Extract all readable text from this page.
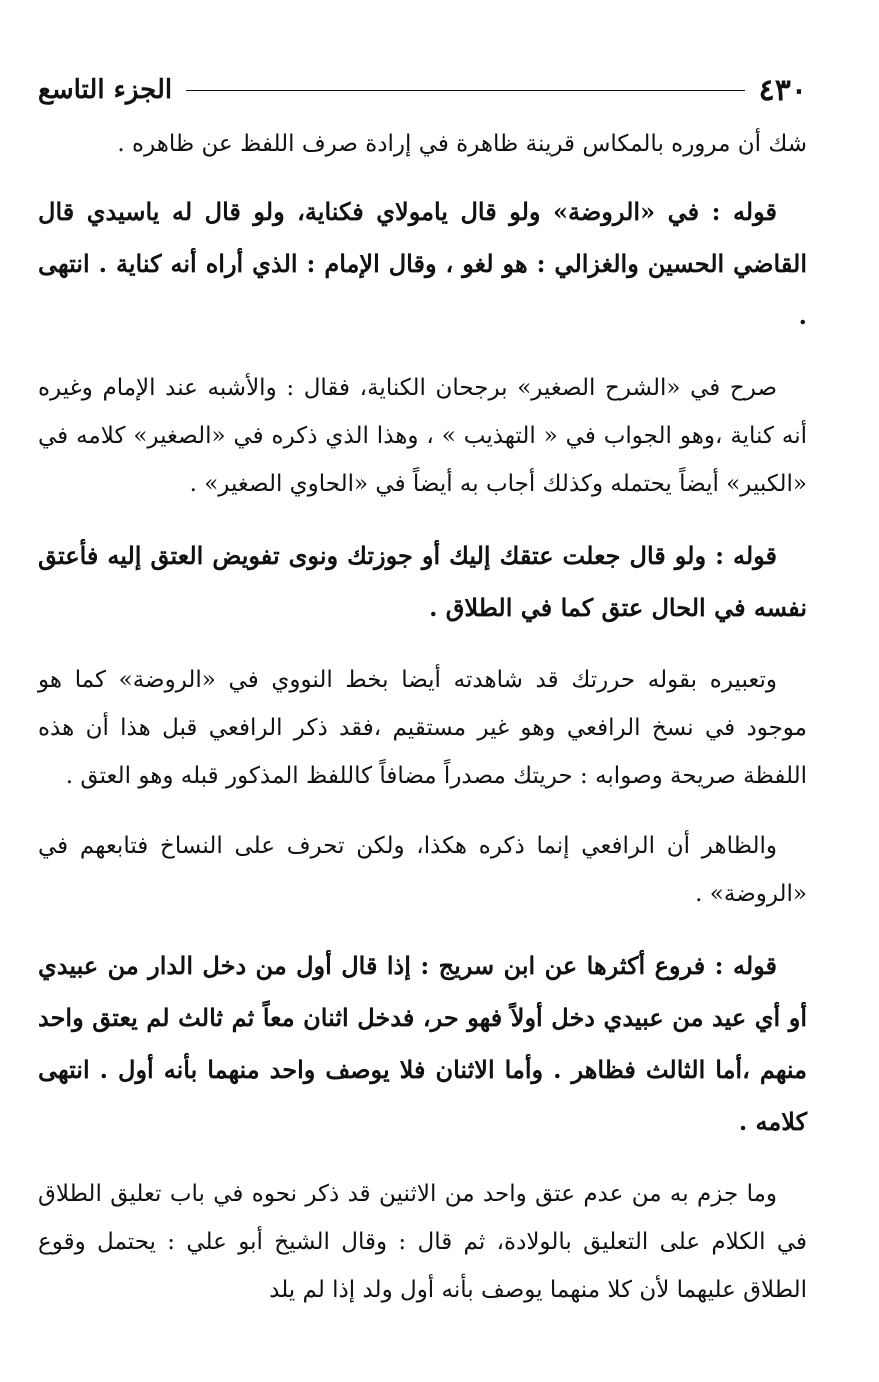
٤٣٠
الجزء التاسع

شك أن مروره بالمكاس قرينة ظاهرة في إرادة صرف اللفظ عن ظاهره .

قوله : في «الروضة» ولو قال يامولاي فكناية، ولو قال له ياسيدي قال القاضي الحسين والغزالي : هو لغو ، وقال الإمام : الذي أراه أنه كناية . انتهى .

صرح في «الشرح الصغير» برجحان الكناية، فقال : والأشبه عند الإمام وغيره أنه كناية ،وهو الجواب في « التهذيب » ، وهذا الذي ذكره في «الصغير» كلامه في «الكبير» أيضاً يحتمله وكذلك أجاب به أيضاً في «الحاوي الصغير» .

قوله : ولو قال جعلت عتقك إليك أو جوزتك ونوى تفويض العتق إليه فأعتق نفسه في الحال عتق كما في الطلاق .

وتعبيره بقوله حررتك قد شاهدته أيضا بخط النووي في «الروضة» كما هو موجود في نسخ الرافعي وهو غير مستقيم ،فقد ذكر الرافعي قبل هذا أن هذه اللفظة صريحة وصوابه : حريتك مصدراً مضافاً كاللفظ المذكور قبله وهو العتق .

والظاهر أن الرافعي إنما ذكره هكذا، ولكن تحرف على النساخ فتابعهم في «الروضة» .

قوله : فروع أكثرها عن ابن سريج : إذا قال أول من دخل الدار من عبيدي أو أي عيد من عبيدي دخل أولاً فهو حر، فدخل اثنان معاً ثم ثالث لم يعتق واحد منهم ،أما الثالث فظاهر . وأما الاثنان فلا يوصف واحد منهما بأنه أول . انتهى كلامه .

وما جزم به من عدم عتق واحد من الاثنين قد ذكر نحوه في باب تعليق الطلاق في الكلام على التعليق بالولادة، ثم قال : وقال الشيخ أبو علي : يحتمل وقوع الطلاق عليهما لأن كلا منهما يوصف بأنه أول ولد إذا لم يلد
